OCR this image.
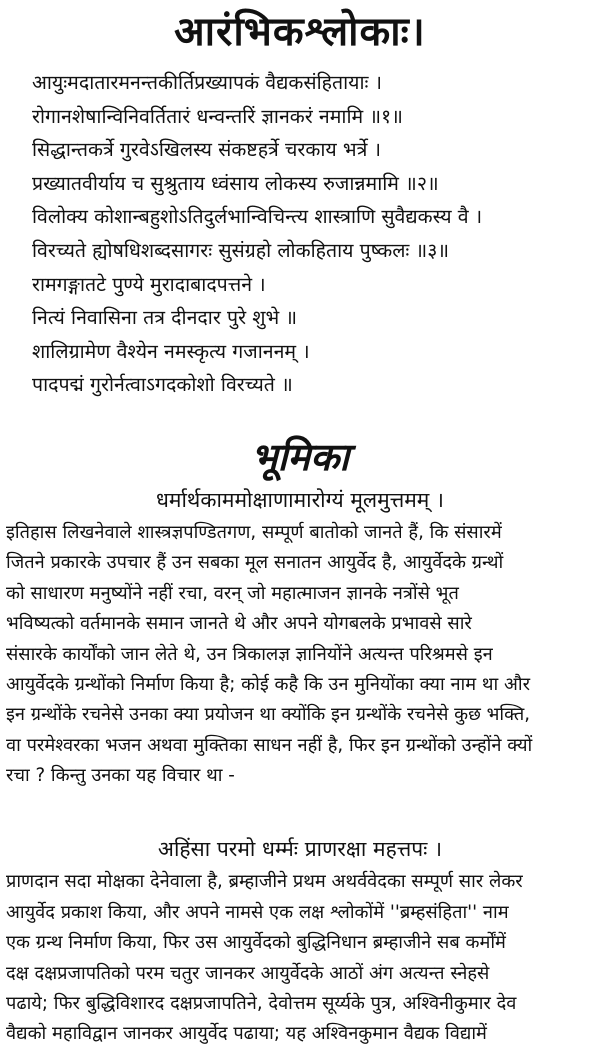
आरंभिकश्लोकाः।
आयुःमदातारमनन्तकीर्तिप्रख्यापकं वैद्यकसंहितायाः ।
रोगानशेषान्विनिवर्तितारं धन्वन्तरिं ज्ञानकरं नमामि ॥१॥
सिद्धान्तकर्त्रे गुरवेऽखिलस्य संकष्टहर्त्रे चरकाय भर्त्रे ।
प्रख्यातवीर्याय च सुश्रुताय ध्वंसाय लोकस्य रुजान्नमामि ॥२॥
विलोक्य कोशान्बहुशोऽतिदुर्लभान्विचिन्त्य शास्त्राणि सुवैद्यकस्य वै ।
विरच्यते ह्योषधिशब्दसागरः सुसंग्रहो लोकहिताय पुष्कलः ॥३॥
रामगङ्गातटे पुण्ये मुरादाबादपत्तने ।
नित्यं निवासिना तत्र दीनदार पुरे शुभे ॥
शालिग्रामेण वैश्येन नमस्कृत्य गजाननम् ।
पादपद्मं गुरोर्नत्वाऽगदकोशो विरच्यते ॥
भूमिका
धर्मार्थकाममोक्षाणामारोग्यं मूलमुत्तमम् ।
इतिहास लिखनेवाले शास्त्रज्ञपण्डितगण, सम्पूर्ण बातोको जानते हैं, कि संसारमें
जितने प्रकारके उपचार हैं उन सबका मूल सनातन आयुर्वेद है, आयुर्वेदके ग्रन्थों
को साधारण मनुष्योंने नहीं रचा, वरन् जो महात्माजन ज्ञानके नत्रोंसे भूत
भविष्यत्को वर्तमानके समान जानते थे और अपने योगबलके प्रभावसे सारे
संसारके कार्योंको जान लेते थे, उन त्रिकालज्ञ ज्ञानियोंने अत्यन्त परिश्रमसे इन
आयुर्वेदके ग्रन्थोंको निर्माण किया है; कोई कहै कि उन मुनियोंका क्या नाम था और
इन ग्रन्थोंके रचनेसे उनका क्या प्रयोजन था क्योंकि इन ग्रन्थोंके रचनेसे कुछ भक्ति,
वा परमेश्वरका भजन अथवा मुक्तिका साधन नहीं है, फिर इन ग्रन्थोंको उन्होंने क्यों
रचा ? किन्तु उनका यह विचार था -
अहिंसा परमो धर्म्मः प्राणरक्षा महत्तपः ।
प्राणदान सदा मोक्षका देनेवाला है, ब्रम्हाजीने प्रथम अथर्ववेदका सम्पूर्ण सार लेकर
आयुर्वेद प्रकाश किया, और अपने नामसे एक लक्ष श्लोकोंमें ''ब्रम्हसंहिता'' नाम
एक ग्रन्थ निर्माण किया, फिर उस आयुर्वेदको बुद्धिनिधान ब्रम्हाजीने सब कर्मोंमें
दक्ष दक्षप्रजापतिको परम चतुर जानकर आयुर्वेदके आठों अंग अत्यन्त स्नेहसे
पढाये; फिर बुद्धिविशारद दक्षप्रजापतिने, देवोत्तम सूर्य्यके पुत्र, अश्विनीकुमार देव
वैद्यको महाविद्वान जानकर आयुर्वेद पढाया; यह अश्विनकुमान वैद्यक विद्यामें
